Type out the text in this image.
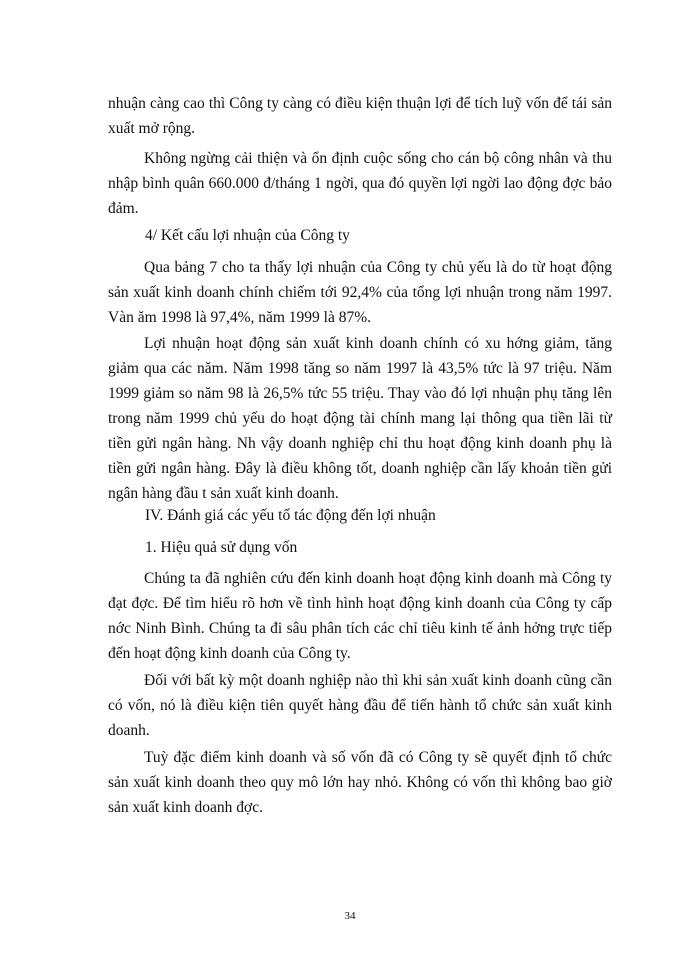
nhuận càng cao thì Công ty càng có điều kiện thuận lợi để tích luỹ vốn để tái sản xuất mở rộng.

Không ngừng cải thiện và ổn định cuộc sống cho cán bộ công nhân và thu nhập bình quân 660.000 đ/tháng 1 ngời, qua đó quyền lợi ngời lao động đợc bảo đảm.

4/ Kết cấu lợi nhuận của Công ty

Qua bảng 7 cho ta thấy lợi nhuận của Công ty chủ yếu là do từ hoạt động sản xuất kinh doanh chính chiếm tới 92,4% của tổng lợi nhuận trong năm 1997. Vàn ăm 1998 là 97,4%, năm 1999 là 87%.

Lợi nhuận hoạt động sản xuất kinh doanh chính có xu hớng giảm, tăng giảm qua các năm. Năm 1998 tăng so năm 1997 là 43,5% tức là 97 triệu. Năm 1999 giảm so năm 98 là 26,5% tức 55 triệu. Thay vào đó lợi nhuận phụ tăng lên trong năm 1999 chủ yếu do hoạt động tài chính mang lại thông qua tiền lãi từ tiền gửi ngân hàng. Nh vậy doanh nghiệp chỉ thu hoạt động kinh doanh phụ là tiền gửi ngân hàng. Đây là điều không tốt, doanh nghiệp cần lấy khoản tiền gửi ngân hàng đầu t sản xuất kinh doanh.

IV. Đánh giá các yếu tố tác động đến lợi nhuận

1. Hiệu quả sử dụng vốn

Chúng ta đã nghiên cứu đến kinh doanh hoạt động kinh doanh mà Công ty đạt đợc. Để tìm hiểu rõ hơn về tình hình hoạt động kinh doanh của Công ty cấp nớc Ninh Bình. Chúng ta đi sâu phân tích các chỉ tiêu kinh tế ảnh hởng trực tiếp đến hoạt động kinh doanh của Công ty.

Đối với bất kỳ một doanh nghiệp nào thì khi sản xuất kinh doanh cũng cần có vốn, nó là điều kiện tiên quyết hàng đầu để tiến hành tổ chức sản xuất kinh doanh.

Tuỳ đặc điểm kinh doanh và số vốn đã có Công ty sẽ quyết định tổ chức sản xuất kinh doanh theo quy mô lớn hay nhỏ. Không có vốn thì không bao giờ sản xuất kinh doanh đợc.

34
